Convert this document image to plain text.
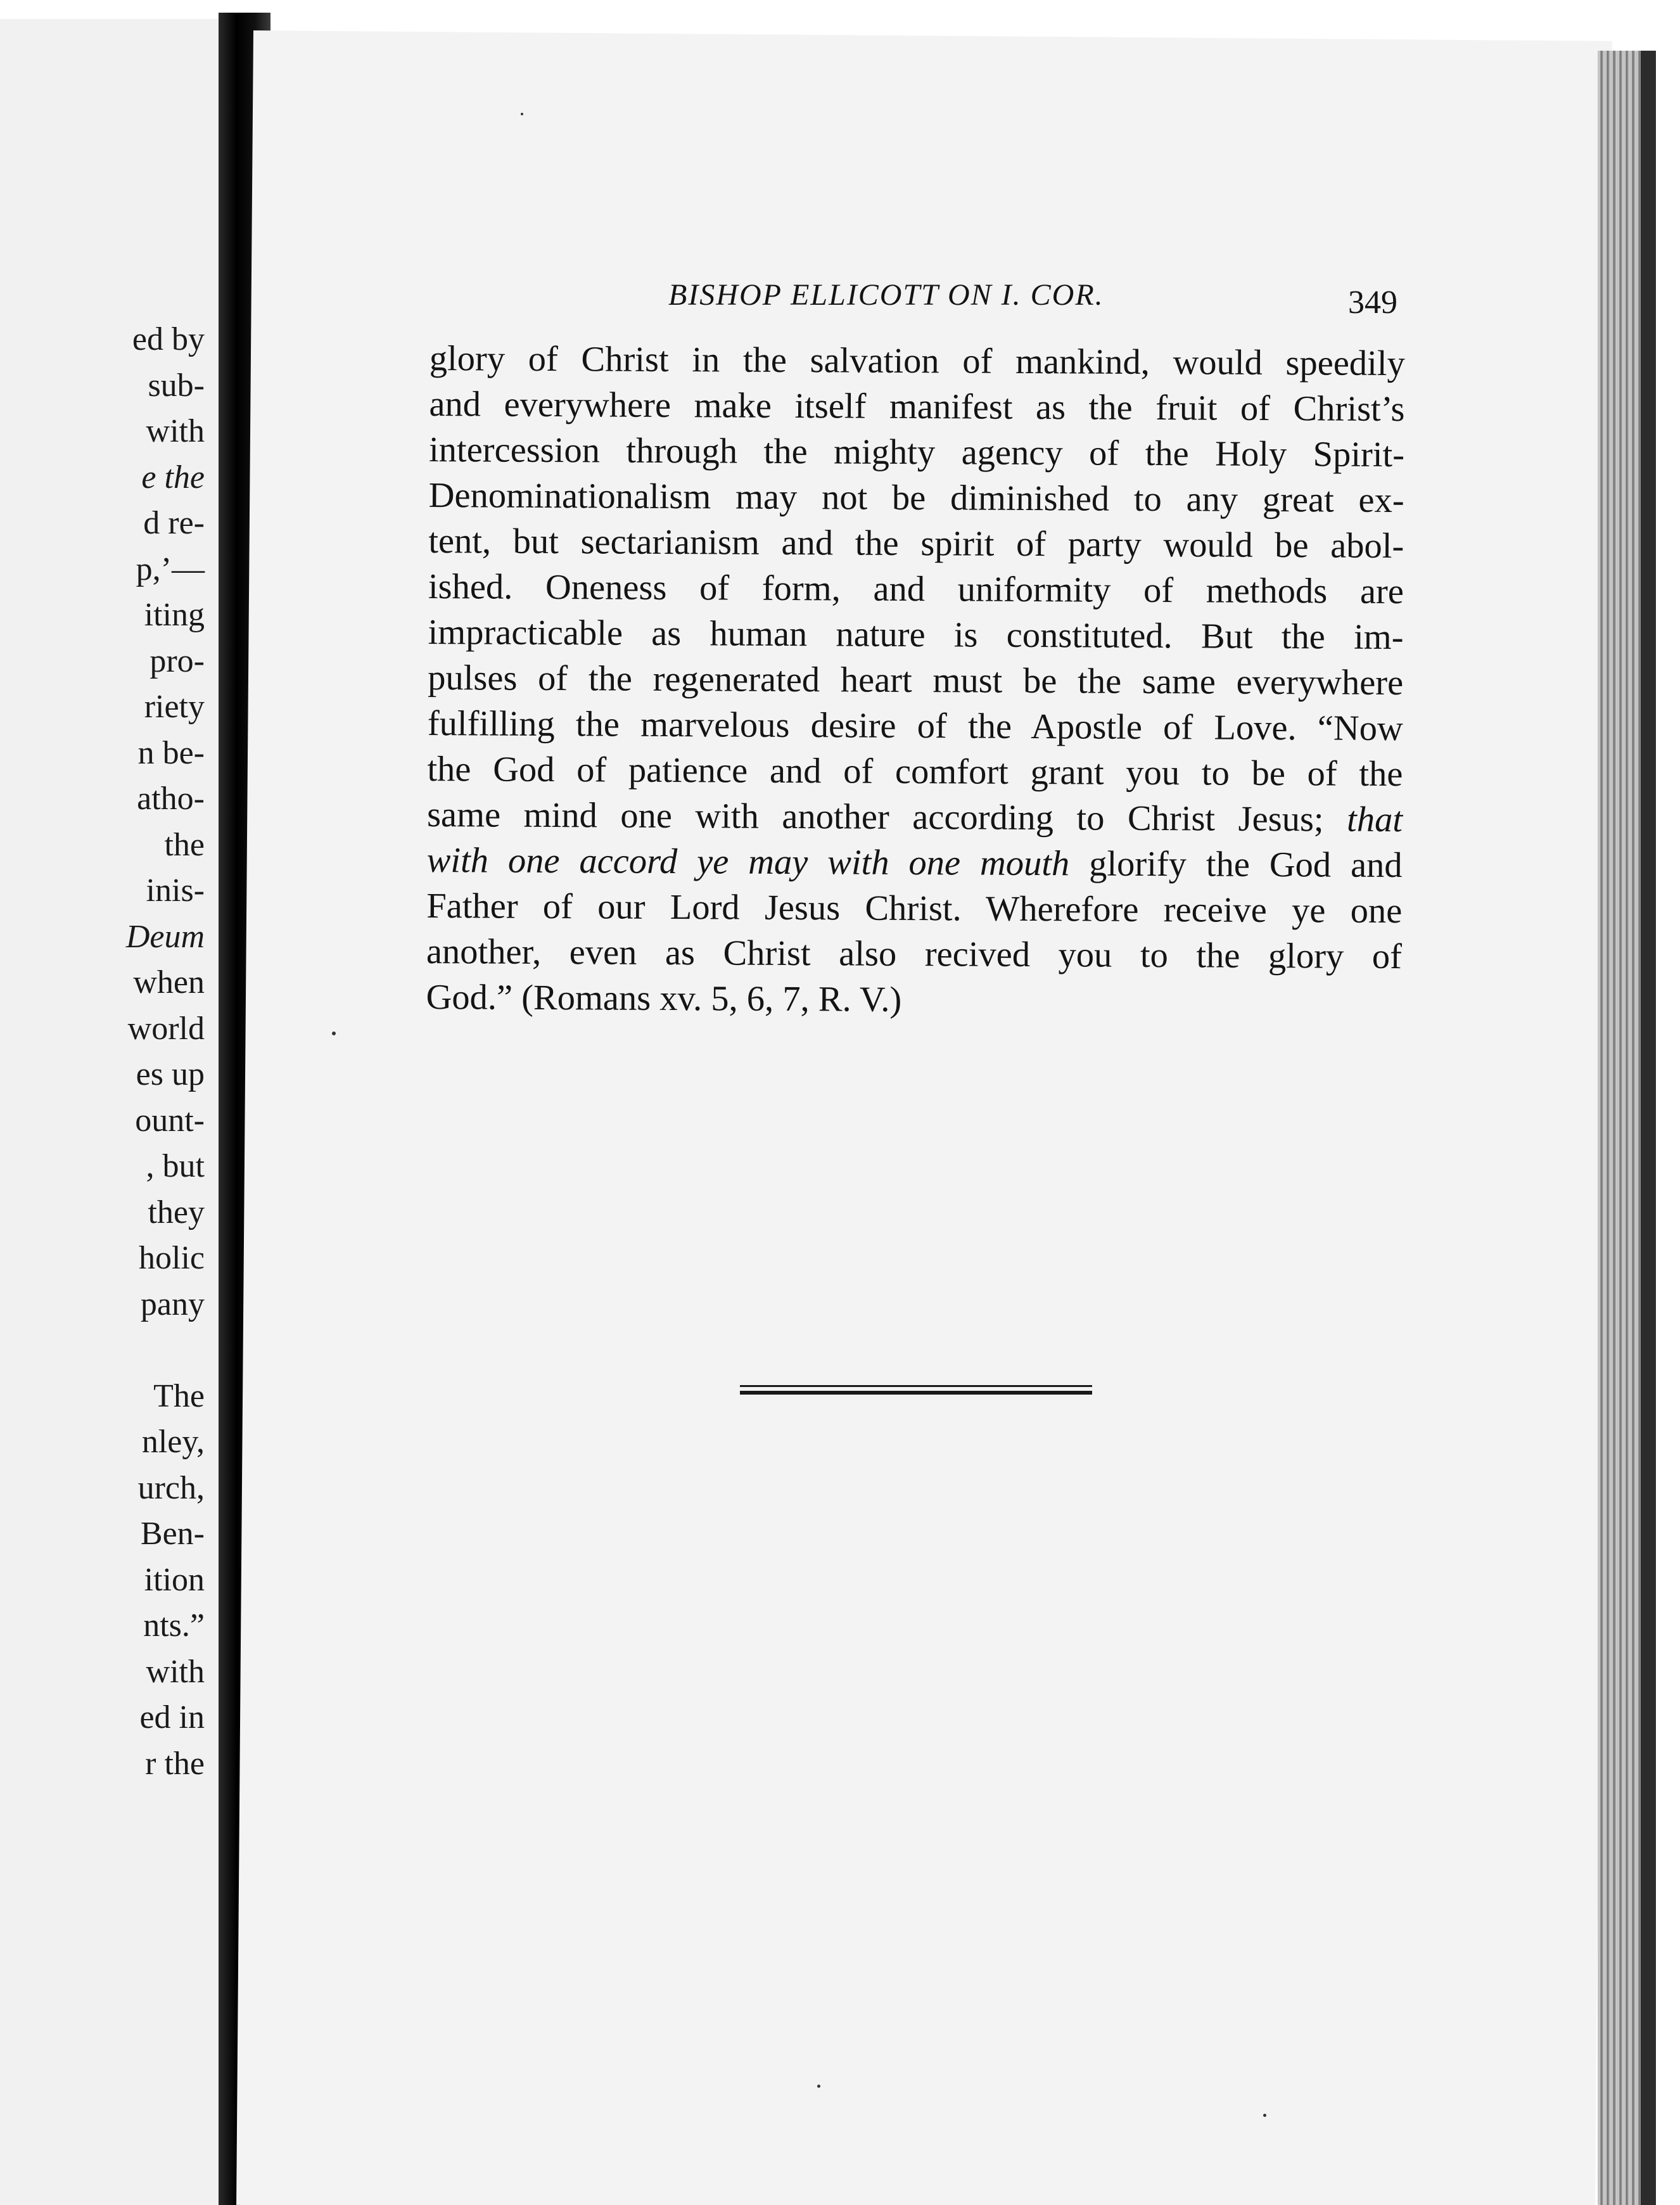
ed by
sub-
with
e the
d re-
p,’—
iting
pro-
riety
n be-
atho-
the
inis-
Deum
when
world
es up
ount-
, but
they
holic
pany
The
nley,
urch,
Ben-
ition
nts.”
with
ed in
r the
BISHOP ELLICOTT ON I. COR.	349
glory of Christ in the salvation of mankind, would speedily
and everywhere make itself manifest as the fruit of Christ’s
intercession through the mighty agency of the Holy Spirit-
Denominationalism may not be diminished to any great ex-
tent, but sectarianism and the spirit of party would be abol-
ished. Oneness of form, and uniformity of methods are
impracticable as human nature is constituted. But the im-
pulses of the regenerated heart must be the same everywhere
fulfilling the marvelous desire of the Apostle of Love. “Now
the God of patience and of comfort grant you to be of the
same mind one with another according to Christ Jesus; that
with one accord ye may with one mouth glorify the God and
Father of our Lord Jesus Christ. Wherefore receive ye one
another, even as Christ also recived you to the glory of
God.” (Romans xv. 5, 6, 7, R. V.)
